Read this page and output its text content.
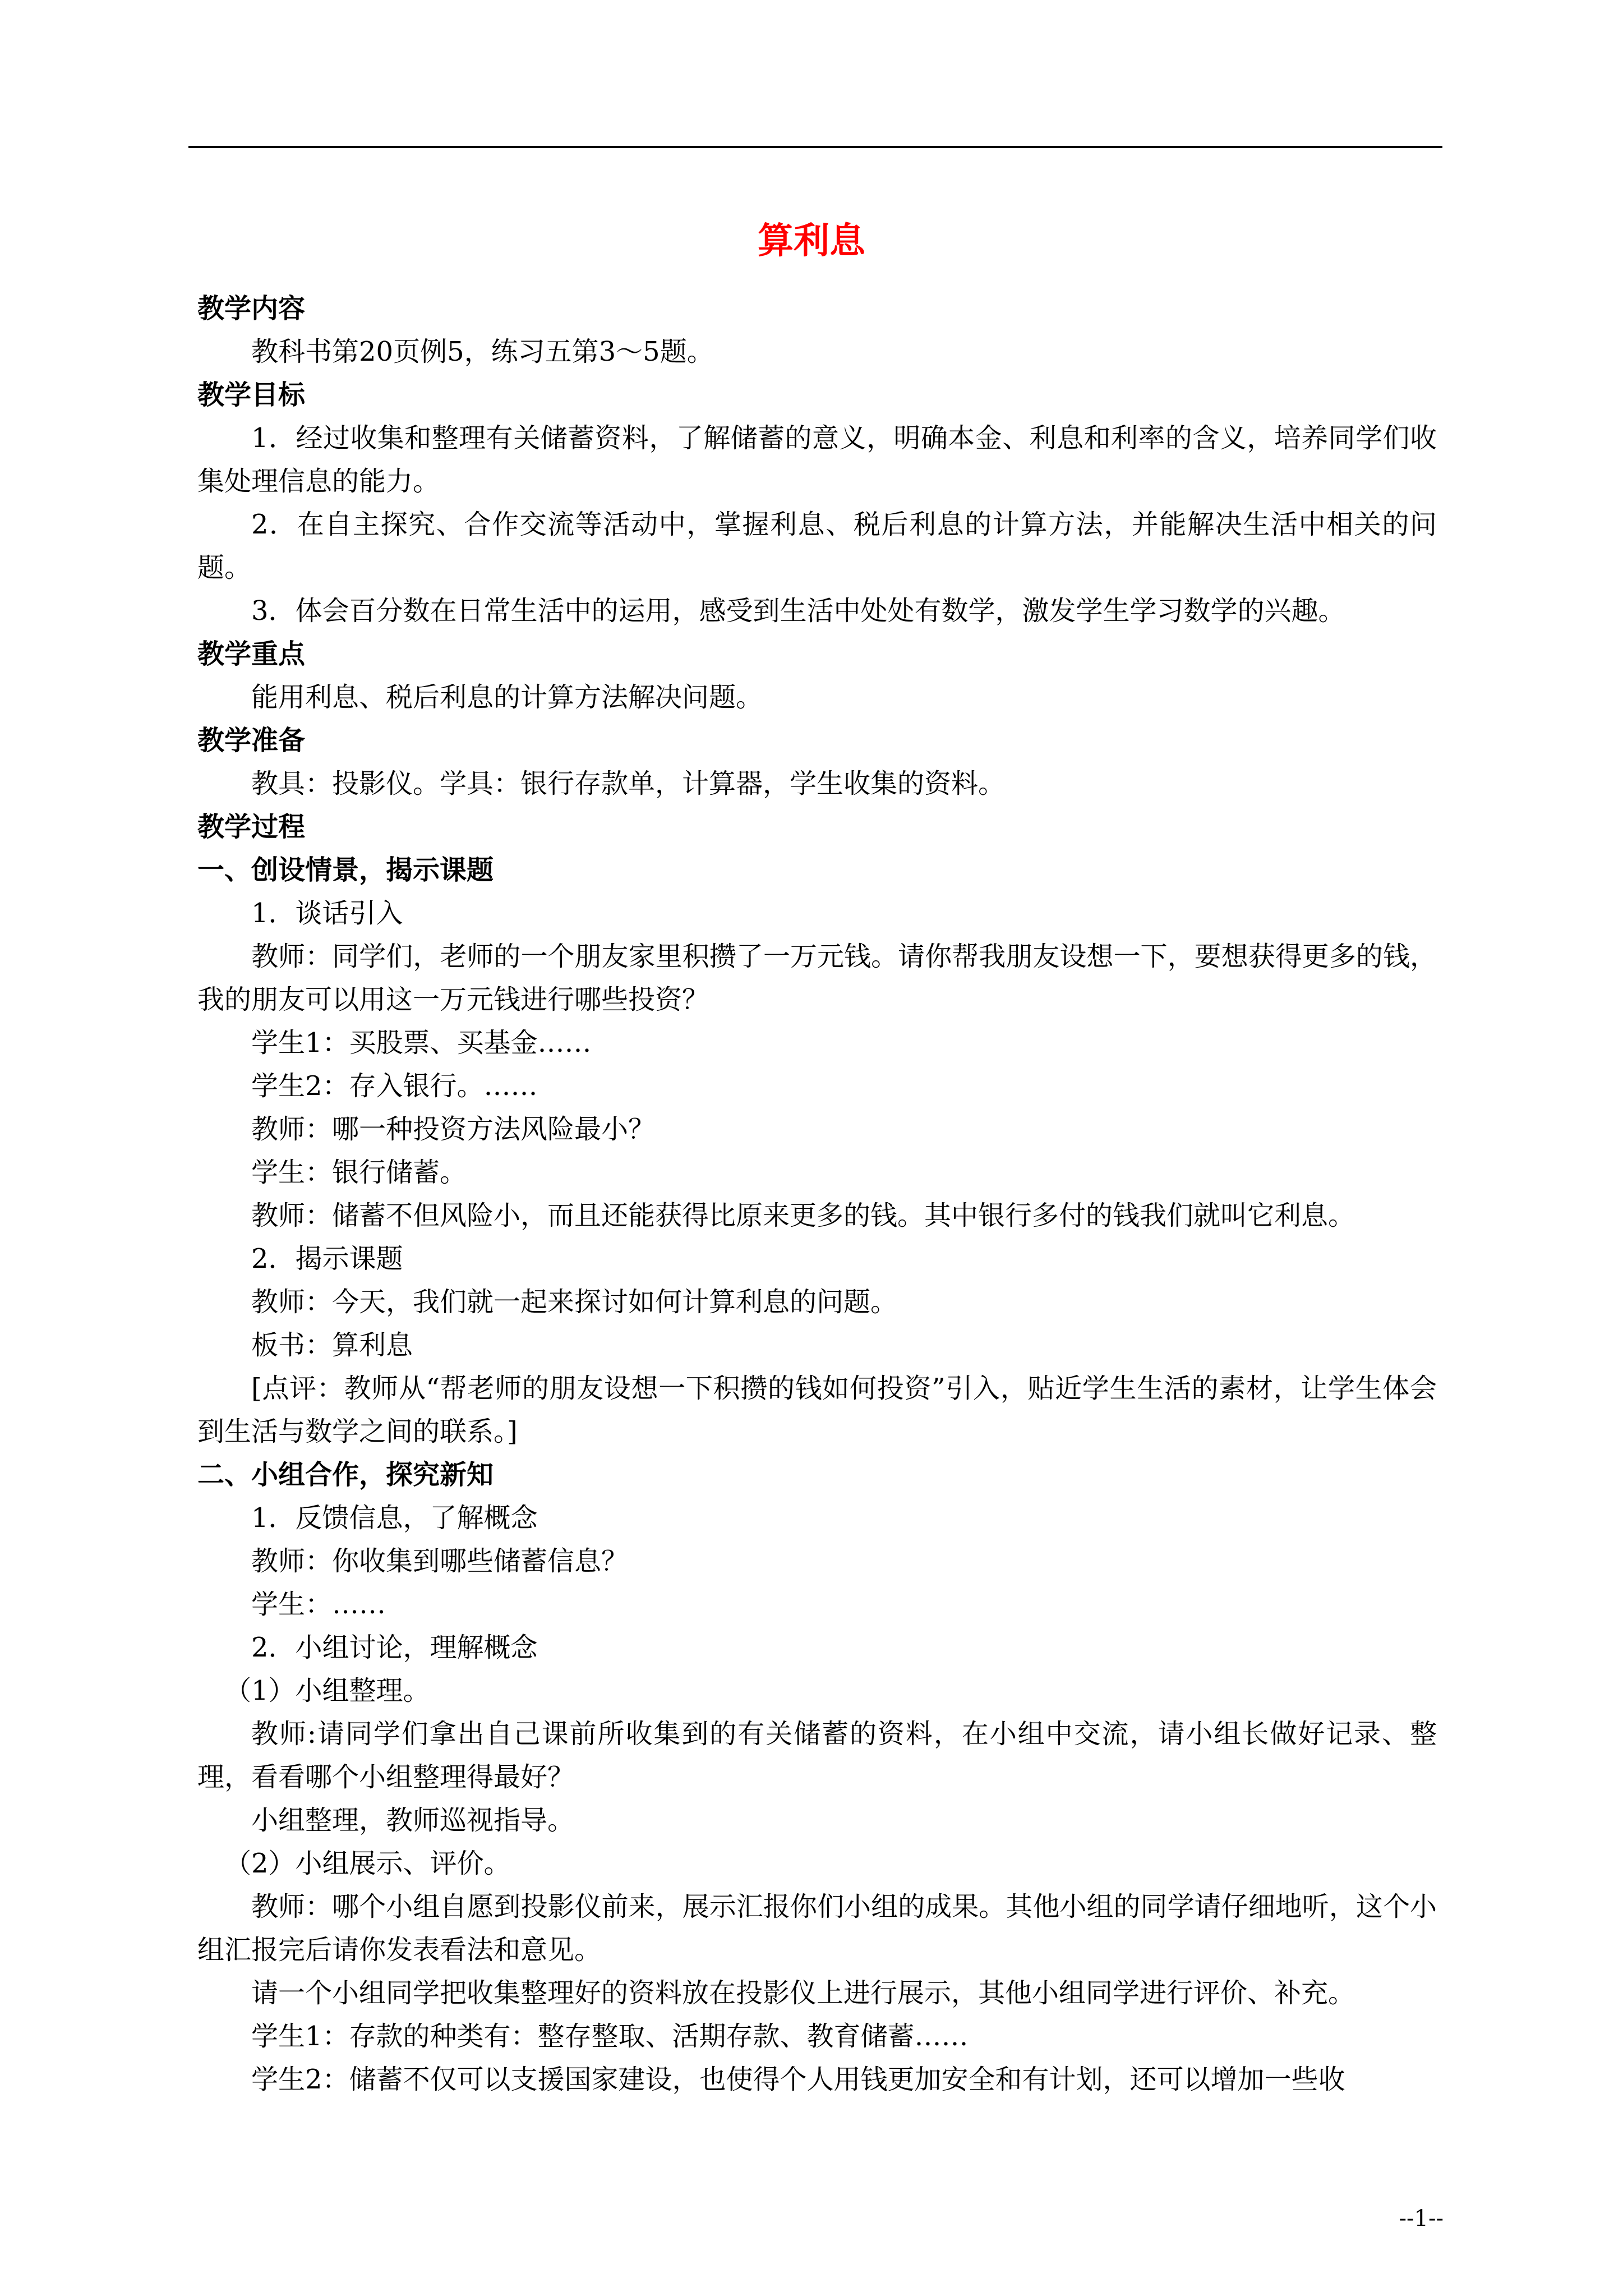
算利息

教学内容

教科书第20页例5，练习五第3～5题。

教学目标

1．经过收集和整理有关储蓄资料，了解储蓄的意义，明确本金、利息和利率的含义，培养同学们收集处理信息的能力。

2．在自主探究、合作交流等活动中，掌握利息、税后利息的计算方法，并能解决生活中相关的问题。

3．体会百分数在日常生活中的运用，感受到生活中处处有数学，激发学生学习数学的兴趣。

教学重点

能用利息、税后利息的计算方法解决问题。

教学准备

教具：投影仪。学具：银行存款单，计算器，学生收集的资料。

教学过程

一、创设情景，揭示课题

1．谈话引入

教师：同学们，老师的一个朋友家里积攒了一万元钱。请你帮我朋友设想一下，要想获得更多的钱，我的朋友可以用这一万元钱进行哪些投资？

学生1：买股票、买基金……

学生2：存入银行。……

教师：哪一种投资方法风险最小？

学生：银行储蓄。

教师：储蓄不但风险小，而且还能获得比原来更多的钱。其中银行多付的钱我们就叫它利息。

2．揭示课题

教师：今天，我们就一起来探讨如何计算利息的问题。

板书：算利息

[点评：教师从“帮老师的朋友设想一下积攒的钱如何投资”引入，贴近学生生活的素材，让学生体会到生活与数学之间的联系。]

二、小组合作，探究新知

1．反馈信息，了解概念

教师：你收集到哪些储蓄信息？

学生：……

2．小组讨论，理解概念

（1）小组整理。

教师:请同学们拿出自己课前所收集到的有关储蓄的资料，在小组中交流，请小组长做好记录、整理，看看哪个小组整理得最好？

小组整理，教师巡视指导。

（2）小组展示、评价。

教师：哪个小组自愿到投影仪前来，展示汇报你们小组的成果。其他小组的同学请仔细地听，这个小组汇报完后请你发表看法和意见。

请一个小组同学把收集整理好的资料放在投影仪上进行展示，其他小组同学进行评价、补充。

学生1：存款的种类有：整存整取、活期存款、教育储蓄……

学生2：储蓄不仅可以支援国家建设，也使得个人用钱更加安全和有计划，还可以增加一些收

--1--
